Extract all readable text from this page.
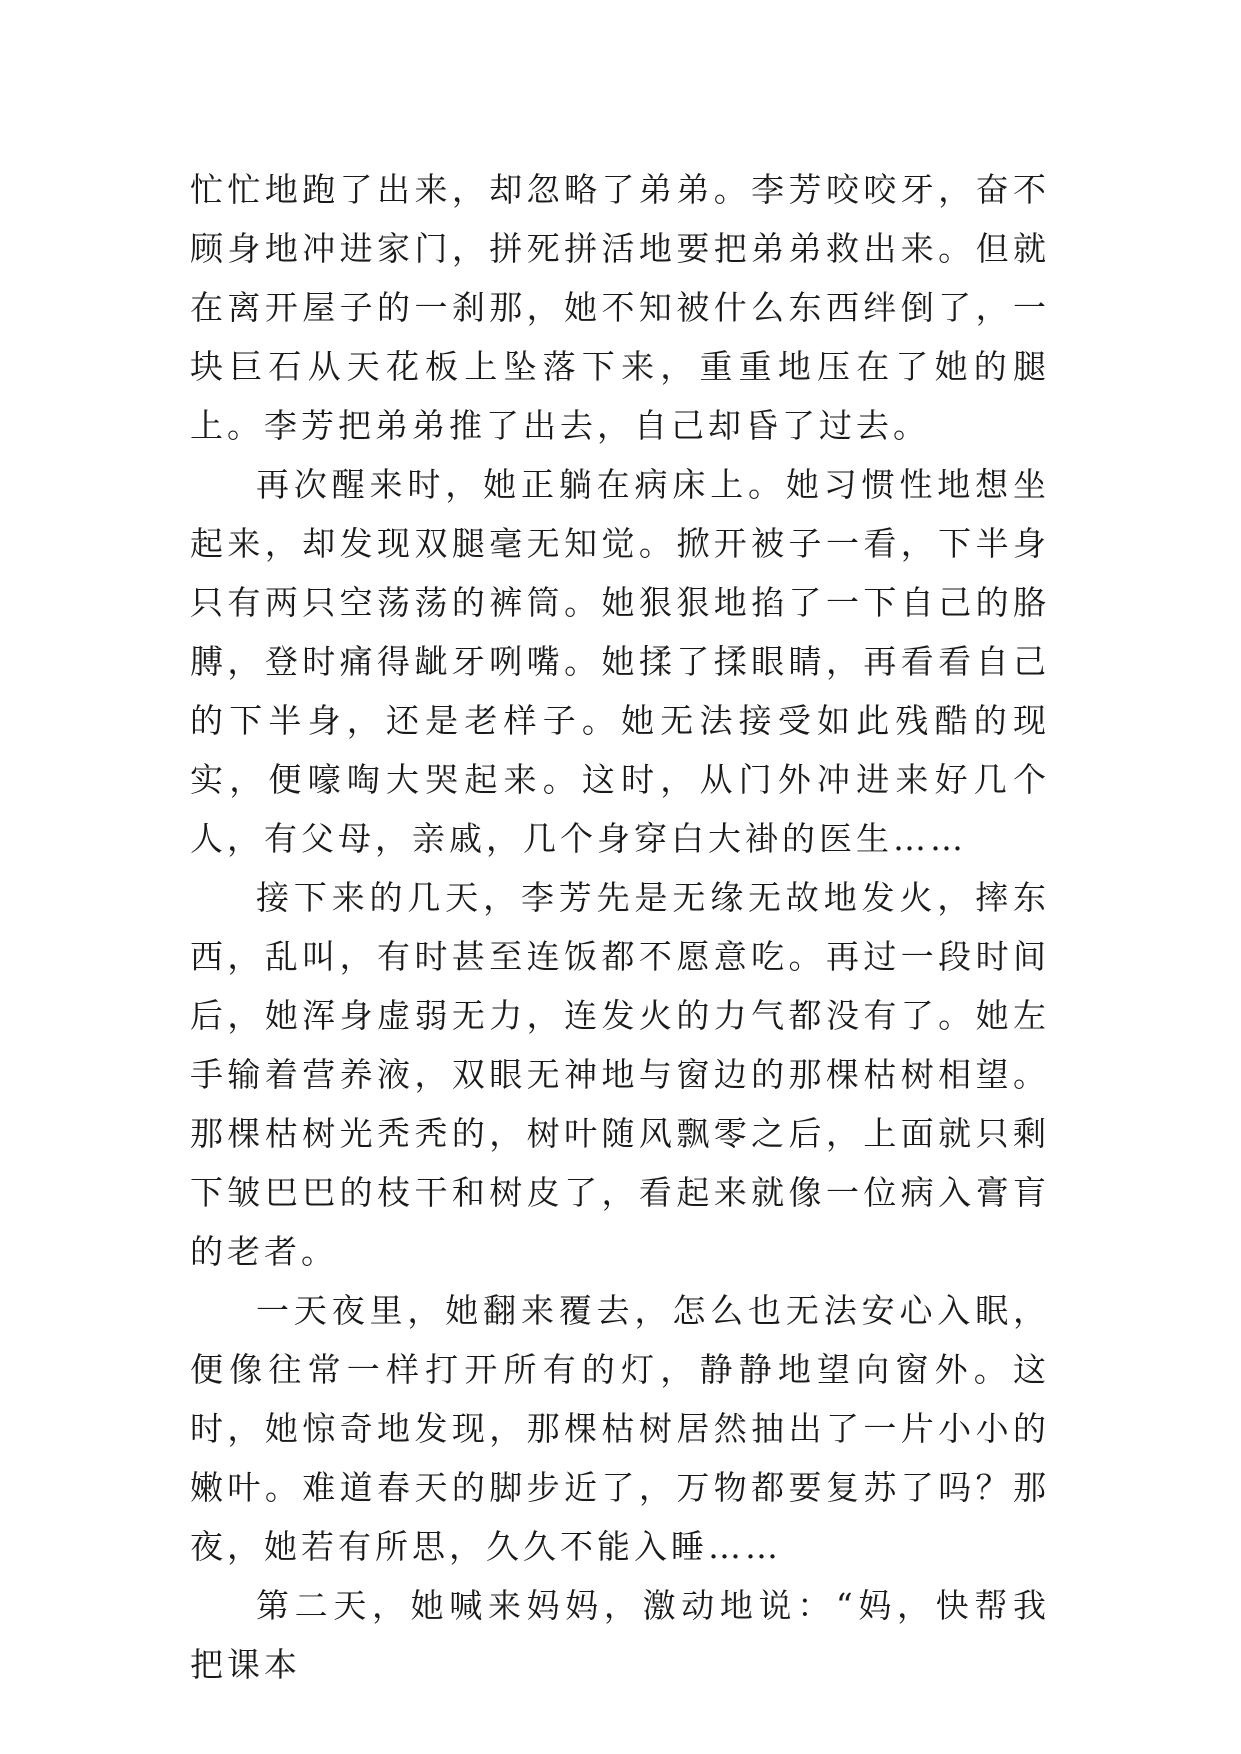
忙忙地跑了出来，却忽略了弟弟。李芳咬咬牙，奋不顾身地冲进家门，拼死拼活地要把弟弟救出来。但就在离开屋子的一刹那，她不知被什么东西绊倒了，一块巨石从天花板上坠落下来，重重地压在了她的腿上。李芳把弟弟推了出去，自己却昏了过去。

再次醒来时，她正躺在病床上。她习惯性地想坐起来，却发现双腿毫无知觉。掀开被子一看，下半身只有两只空荡荡的裤筒。她狠狠地掐了一下自己的胳膊，登时痛得龇牙咧嘴。她揉了揉眼睛，再看看自己的下半身，还是老样子。她无法接受如此残酷的现实，便嚎啕大哭起来。这时，从门外冲进来好几个人，有父母，亲戚，几个身穿白大褂的医生……

接下来的几天，李芳先是无缘无故地发火，摔东西，乱叫，有时甚至连饭都不愿意吃。再过一段时间后，她浑身虚弱无力，连发火的力气都没有了。她左手输着营养液，双眼无神地与窗边的那棵枯树相望。那棵枯树光秃秃的，树叶随风飘零之后，上面就只剩下皱巴巴的枝干和树皮了，看起来就像一位病入膏肓的老者。

一天夜里，她翻来覆去，怎么也无法安心入眠，便像往常一样打开所有的灯，静静地望向窗外。这时，她惊奇地发现，那棵枯树居然抽出了一片小小的嫩叶。难道春天的脚步近了，万物都要复苏了吗？那夜，她若有所思，久久不能入睡……

第二天，她喊来妈妈，激动地说：“妈，快帮我把课本
